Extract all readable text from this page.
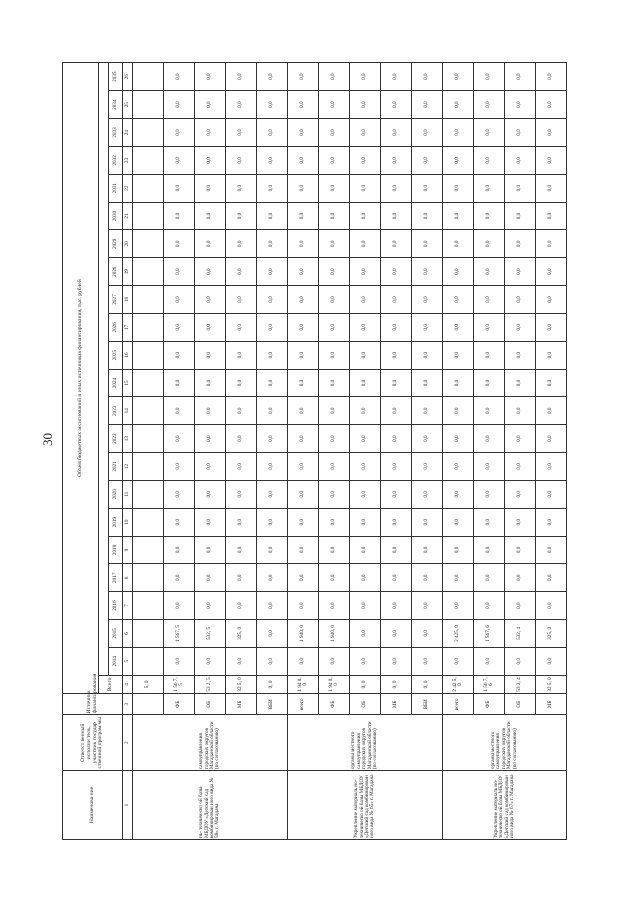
30
Наименова ние	Ответст венный исполни тель, участник государ ственной програм мы	Источник финансирования	Объем бюджетных ассигнований и иных источников финансирования, тыс. рублей																						
			Всего																						
				2014	2015	2016	2017	2018	2019	2020	2021	2022	2023	2024	2025	2026	2027	2028	2029	2030	2031	2032	2033	2034	2035
1	2	3	4	5	6	7	8	9	10	11	12	13	14	15	16	17	18	19	20	21	22	23	24	25	26
нь- техническо ой базы МБДОУ «Детский сад комбинирован ного вида № 58» г. Магадана	самоуправления городских округов Магаданской области (по согласованию)		5, 0																						
		ФБ	1 56 7, 5	0,0	1 567, 5	0,0	0,0	0,0	0,0	0,0	0,0	0,0	0,0	0,0	0,0	0,0	0,0	0,0	0,0	0,0	0,0	0,0	0,0	0,0	0,0
		ОБ	53 2, 5	0,0	532, 5	0,0	0,0	0,0	0,0	0,0	0,0	0,0	0,0	0,0	0,0	0,0	0,0	0,0	0,0	0,0	0,0	0,0	0,0	0,0	0,0
		МБ	32 5, 0	0,0	325, 0	0,0	0,0	0,0	0,0	0,0	0,0	0,0	0,0	0,0	0,0	0,0	0,0	0,0	0,0	0,0	0,0	0,0	0,0	0,0	0,0
		ВБИ	0, 0	0,0	0,0	0,0	0,0	0,0	0,0	0,0	0,0	0,0	0,0	0,0	0,0	0,0	0,0	0,0	0,0	0,0	0,0	0,0	0,0	0,0	0,0
Укрепление материаль но- техническо ой базы МБДОУ «Детский сад комбинирован ного вида № 65» г. Магадана	органы местного самоуправления городских округов Магаданской области (по согласованию)	всего	1 94 0, 0	0,0	1 940, 0	0,0	0,0	0,0	0,0	0,0	0,0	0,0	0,0	0,0	0,0	0,0	0,0	0,0	0,0	0,0	0,0	0,0	0,0	0,0	0,0
		ФБ	1 94 0, 0	0,0	1 940, 0	0,0	0,0	0,0	0,0	0,0	0,0	0,0	0,0	0,0	0,0	0,0	0,0	0,0	0,0	0,0	0,0	0,0	0,0	0,0	0,0
		ОБ	0, 0	0,0	0,0	0,0	0,0	0,0	0,0	0,0	0,0	0,0	0,0	0,0	0,0	0,0	0,0	0,0	0,0	0,0	0,0	0,0	0,0	0,0	0,0
		МБ	0, 0	0,0	0,0	0,0	0,0	0,0	0,0	0,0	0,0	0,0	0,0	0,0	0,0	0,0	0,0	0,0	0,0	0,0	0,0	0,0	0,0	0,0	0,0
		ВБИ	0, 0	0,0	0,0	0,0	0,0	0,0	0,0	0,0	0,0	0,0	0,0	0,0	0,0	0,0	0,0	0,0	0,0	0,0	0,0	0,0	0,0	0,0	0,0
Укрепление материаль но- техническо ой базы МБДОУ «Детский сад комбинирован ного вида № 67» г. Магадана	органы местного самоуправления городских округов Магаданской области (по согласованию)	всего	2 42 5, 0	0,0	2 425, 0	0,0	0,0	0,0	0,0	0,0	0,0	0,0	0,0	0,0	0,0	0,0	0,0	0,0	0,0	0,0	0,0	0,0	0,0	0,0	0,0
		ФБ	1 56 7, 6	0,0	1 567, 6	0,0	0,0	0,0	0,0	0,0	0,0	0,0	0,0	0,0	0,0	0,0	0,0	0,0	0,0	0,0	0,0	0,0	0,0	0,0	0,0
		ОБ	53 2, 4	0,0	532, 4	0,0	0,0	0,0	0,0	0,0	0,0	0,0	0,0	0,0	0,0	0,0	0,0	0,0	0,0	0,0	0,0	0,0	0,0	0,0	0,0
		МБ	32 5, 0	0,0	325, 0	0,0	0,0	0,0	0,0	0,0	0,0	0,0	0,0	0,0	0,0	0,0	0,0	0,0	0,0	0,0	0,0	0,0	0,0	0,0	0,0
